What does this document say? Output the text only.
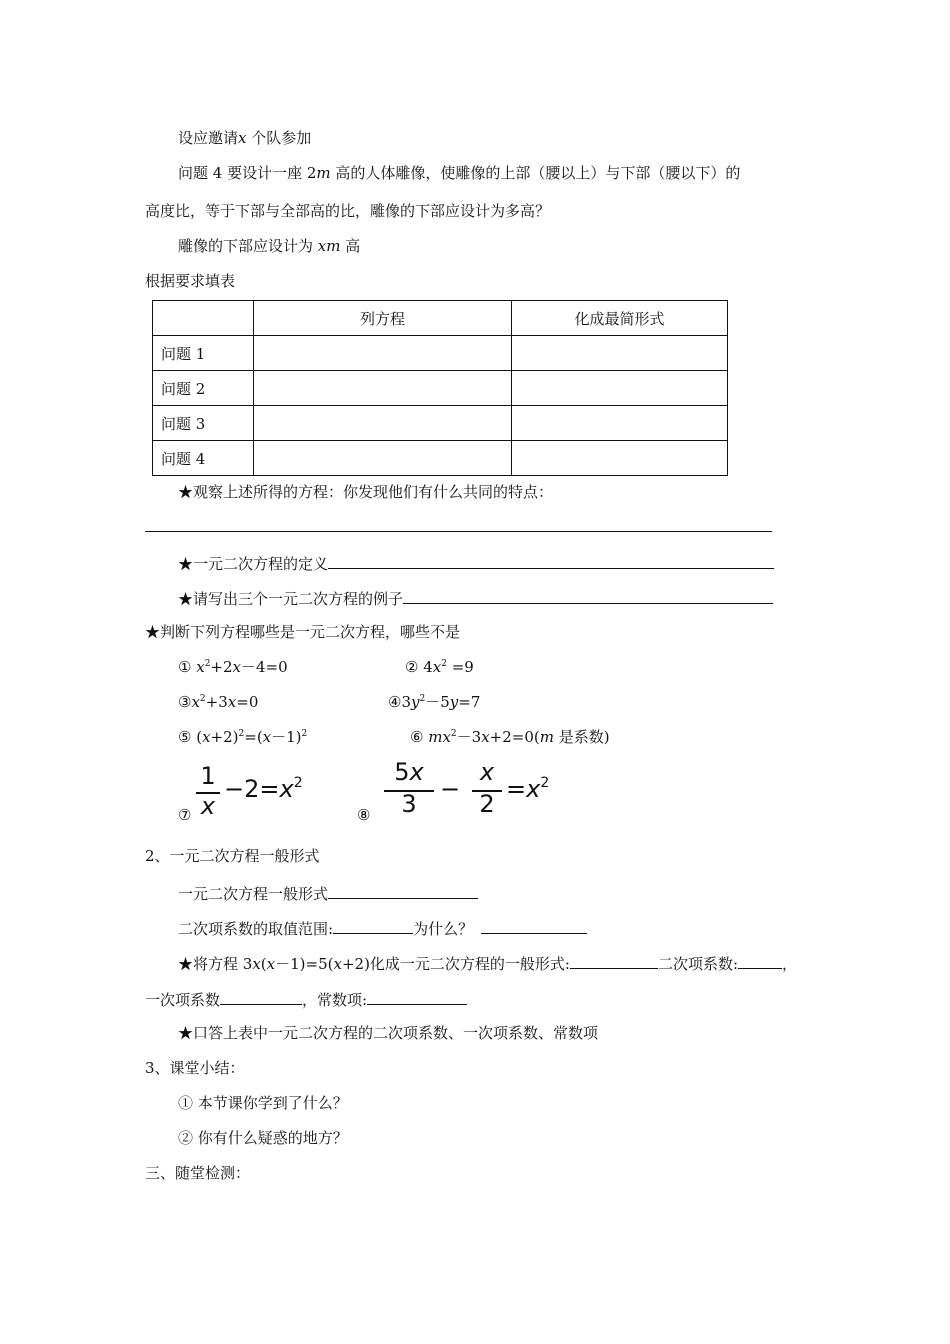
设应邀请x 个队参加
问题 4 要设计一座 2m 高的人体雕像，使雕像的上部（腰以上）与下部（腰以下）的
高度比，等于下部与全部高的比，雕像的下部应设计为多高？
雕像的下部应设计为 xm 高
根据要求填表
	列方程	化成最简形式
问题 1		
问题 2		
问题 3		
问题 4		
★观察上述所得的方程：你发现他们有什么共同的特点：
★一元二次方程的定义
★请写出三个一元二次方程的例子
★判断下列方程哪些是一元二次方程，哪些不是
① $x^2+2x-4=0$	② $4x^2 =9$
$③x^2+3x=0$	$④3y^2-5y=7$
⑤ $(x+2)^2=(x-1)^2$	⑥ $mx^2-3x+2=0(m$ 是系数)
⑦
1
x
$-2=x^2$
⑧
5x
3
−
x
2
$=x^2$
2、一元二次方程一般形式
一元二次方程一般形式
二次项系数的取值范围:	为什么？
★将方程 3x(x－1)=5(x+2)化成一元二次方程的一般形式:	二次项系数:	，
一次项系数	，常数项:
★口答上表中一元二次方程的二次项系数、一次项系数、常数项
3、课堂小结：
① 本节课你学到了什么？
② 你有什么疑惑的地方？
三、随堂检测：
